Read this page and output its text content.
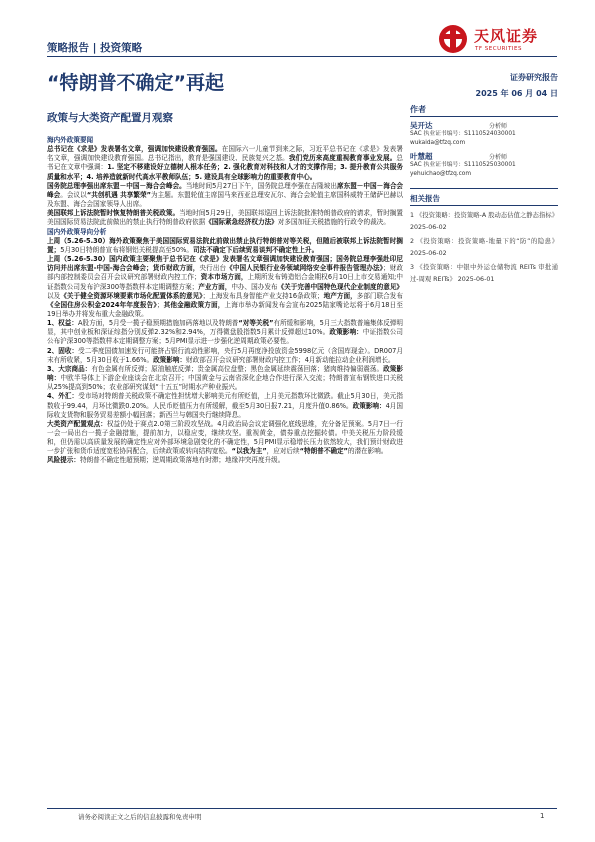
策略报告 | 投资策略
天风证券
TF SECURITIES
“特朗普不确定”再起
政策与大类资产配置月观察
证券研究报告
2025 年 06 月 04 日
作者
吴开达	分析师
SAC 执业证书编号：S1110524030001
wukaida@tfzq.com
叶慧超	分析师
SAC 执业证书编号：S1110525030001
yehuichao@tfzq.com
相关报告

1 《投资策略：投资策略-A 股动态估值之静态指标》 2025-06-02

2 《投资策略：投资策略-地量下的“防”的隐患》 2025-06-02

3 《投资策略：中银中外运仓储物流 REITs 审批通过-周观 REITs》 2025-06-01

海内外政策要闻

总书记在《求是》发表署名文章，强调加快建设教育强国。在国际六一儿童节到来之际，习近平总书记在《求是》发表署名文章，强调加快建设教育强国。总书记指出，教育是强国建设、民族复兴之基。我们党历来高度重视教育事业发展。总书记在文章中强调：1. 坚定不移建设好立德树人根本任务；2. 强化教育对科技和人才的支撑作用；3. 提升教育公共服务质量和水平；4. 培养造就新时代高水平教师队伍；5. 建设具有全球影响力的重要教育中心。

国务院总理李强出席东盟－中国－海合会峰会。当地时间5月27日下午，国务院总理李强在吉隆坡出席东盟－中国－海合会峰会。会议以“共创机遇 共享繁荣”为主题。东盟轮值主席国马来西亚总理安瓦尔、海合会轮值主席国科威特王储萨巴赫以及东盟、海合会国家领导人出席。

美国联邦上诉法院暂时恢复特朗普关税政策。当地时间5月29日，美国联邦巡回上诉法院批准特朗普政府的请求，暂时搁置美国国际贸易法院此前做出的禁止执行特朗普政府依据《国际紧急经济权力法》对多国加征关税措施的行政令的裁决。

国内外政策导向分析

上周（5.26-5.30）海外政策聚焦于美国国际贸易法院此前做出禁止执行特朗普对等关税，但随后被联邦上诉法院暂时搁置；5月30日特朗普宣布将钢铝关税提高至50%。司法不确定下后续贸易谈判不确定性上升。

上周（5.26-5.30）国内政策主要聚焦于总书记在《求是》发表署名文章强调加快建设教育强国；国务院总理李强赴印尼访问并出席东盟-中国-海合会峰会；货币财政方面，央行出台《中国人民银行业务领域网络安全事件报告管理办法》；财政部内部控制委员会召开会议研究部署财政内控工作；资本市场方面，上期所发布铸造铝合金期权6月10日上市交易通知;中证指数公司发布沪深300等指数样本定期调整方案；产业方面，中办、国办发布《关于完善中国特色现代企业制度的意见》以及《关于健全资源环境要素市场化配置体系的意见》；上海发布具身智能产业支持16条政策；地产方面，多部门联合发布《全国住房公积金2024年年度报告》；其他金融政策方面，上海市举办新闻发布会宣布2025陆家嘴论坛将于6月18日至19日举办并将发布重大金融政策。

1、权益：A股方面，5月受一揽子稳预期措施加码落地以及特朗普“对等关税”有所缓和影响，5月三大指数普遍集体反弹明显，其中创业板和深证综指分别反弹2.32%和2.94%，万得微盘股指数5月累计反弹超过10%。政策影响：中证指数公司公布沪深300等指数样本定期调整方案；5月PMI显示进一步强化逆周期政策必要性。

2、固收：受二季度国债加速发行可能挤占银行流动性影响，央行5月再度净投放资金5998亿元（含国库现金）。DR007月末有所收紧，5月30日收于1.66%。政策影响：财政部召开会议研究部署财政内控工作；4月新动能拉动企业利润增长。

3、大宗商品：有色金属有所反弹；原油触底反弹；贵金属高位盘整；黑色金属延续震荡回落；猪肉维持偏弱震荡。政策影响：中欧半导体上下游企业座谈会在北京召开；中国黄金与云南省深化企地合作进行深入交流；特朗普宣布钢铁进口关税从25%提高到50%；农业部研究谋划“十五五”时期水产种业振兴。

4、外汇：受市场对特朗普关税政策不确定性担忧增大影响美元有所贬值，上月美元指数环比微跌。截止5月30日，美元指数收于99.44，月环比微跌0.20%。人民币贬值压力有所缓解，截至5月30日报7.21，月度升值0.86%。政策影响：4月国际收支货物和服务贸易差额小幅回落；新西兰与韩国央行继续降息。

大类资产配置观点：权益仍处于赛点2.0第三阶段攻坚战。4月政治局会议定调强化底线思维，充分备足预案。5月7日一行一会一局出台一揽子金融措施，提前加力，以稳应变，继续攻坚。重视黄金，债券重点挖掘转债。中美关税压力阶段缓和，但仍需以高质量发展的确定性应对外部环境急剧变化的不确定性，5月PMI显示稳增长压力依然较大，我们预计财政进一步扩张和货币适度宽松协同配合，后续政策或转向结构宽松。“以我为主”，应对后续“特朗普不确定”的潜在影响。

风险提示：特朗普不确定性超预期；逆周期政策落地有时滞；地缘冲突再度升级。

请务必阅读正文之后的信息披露和免责申明	1
